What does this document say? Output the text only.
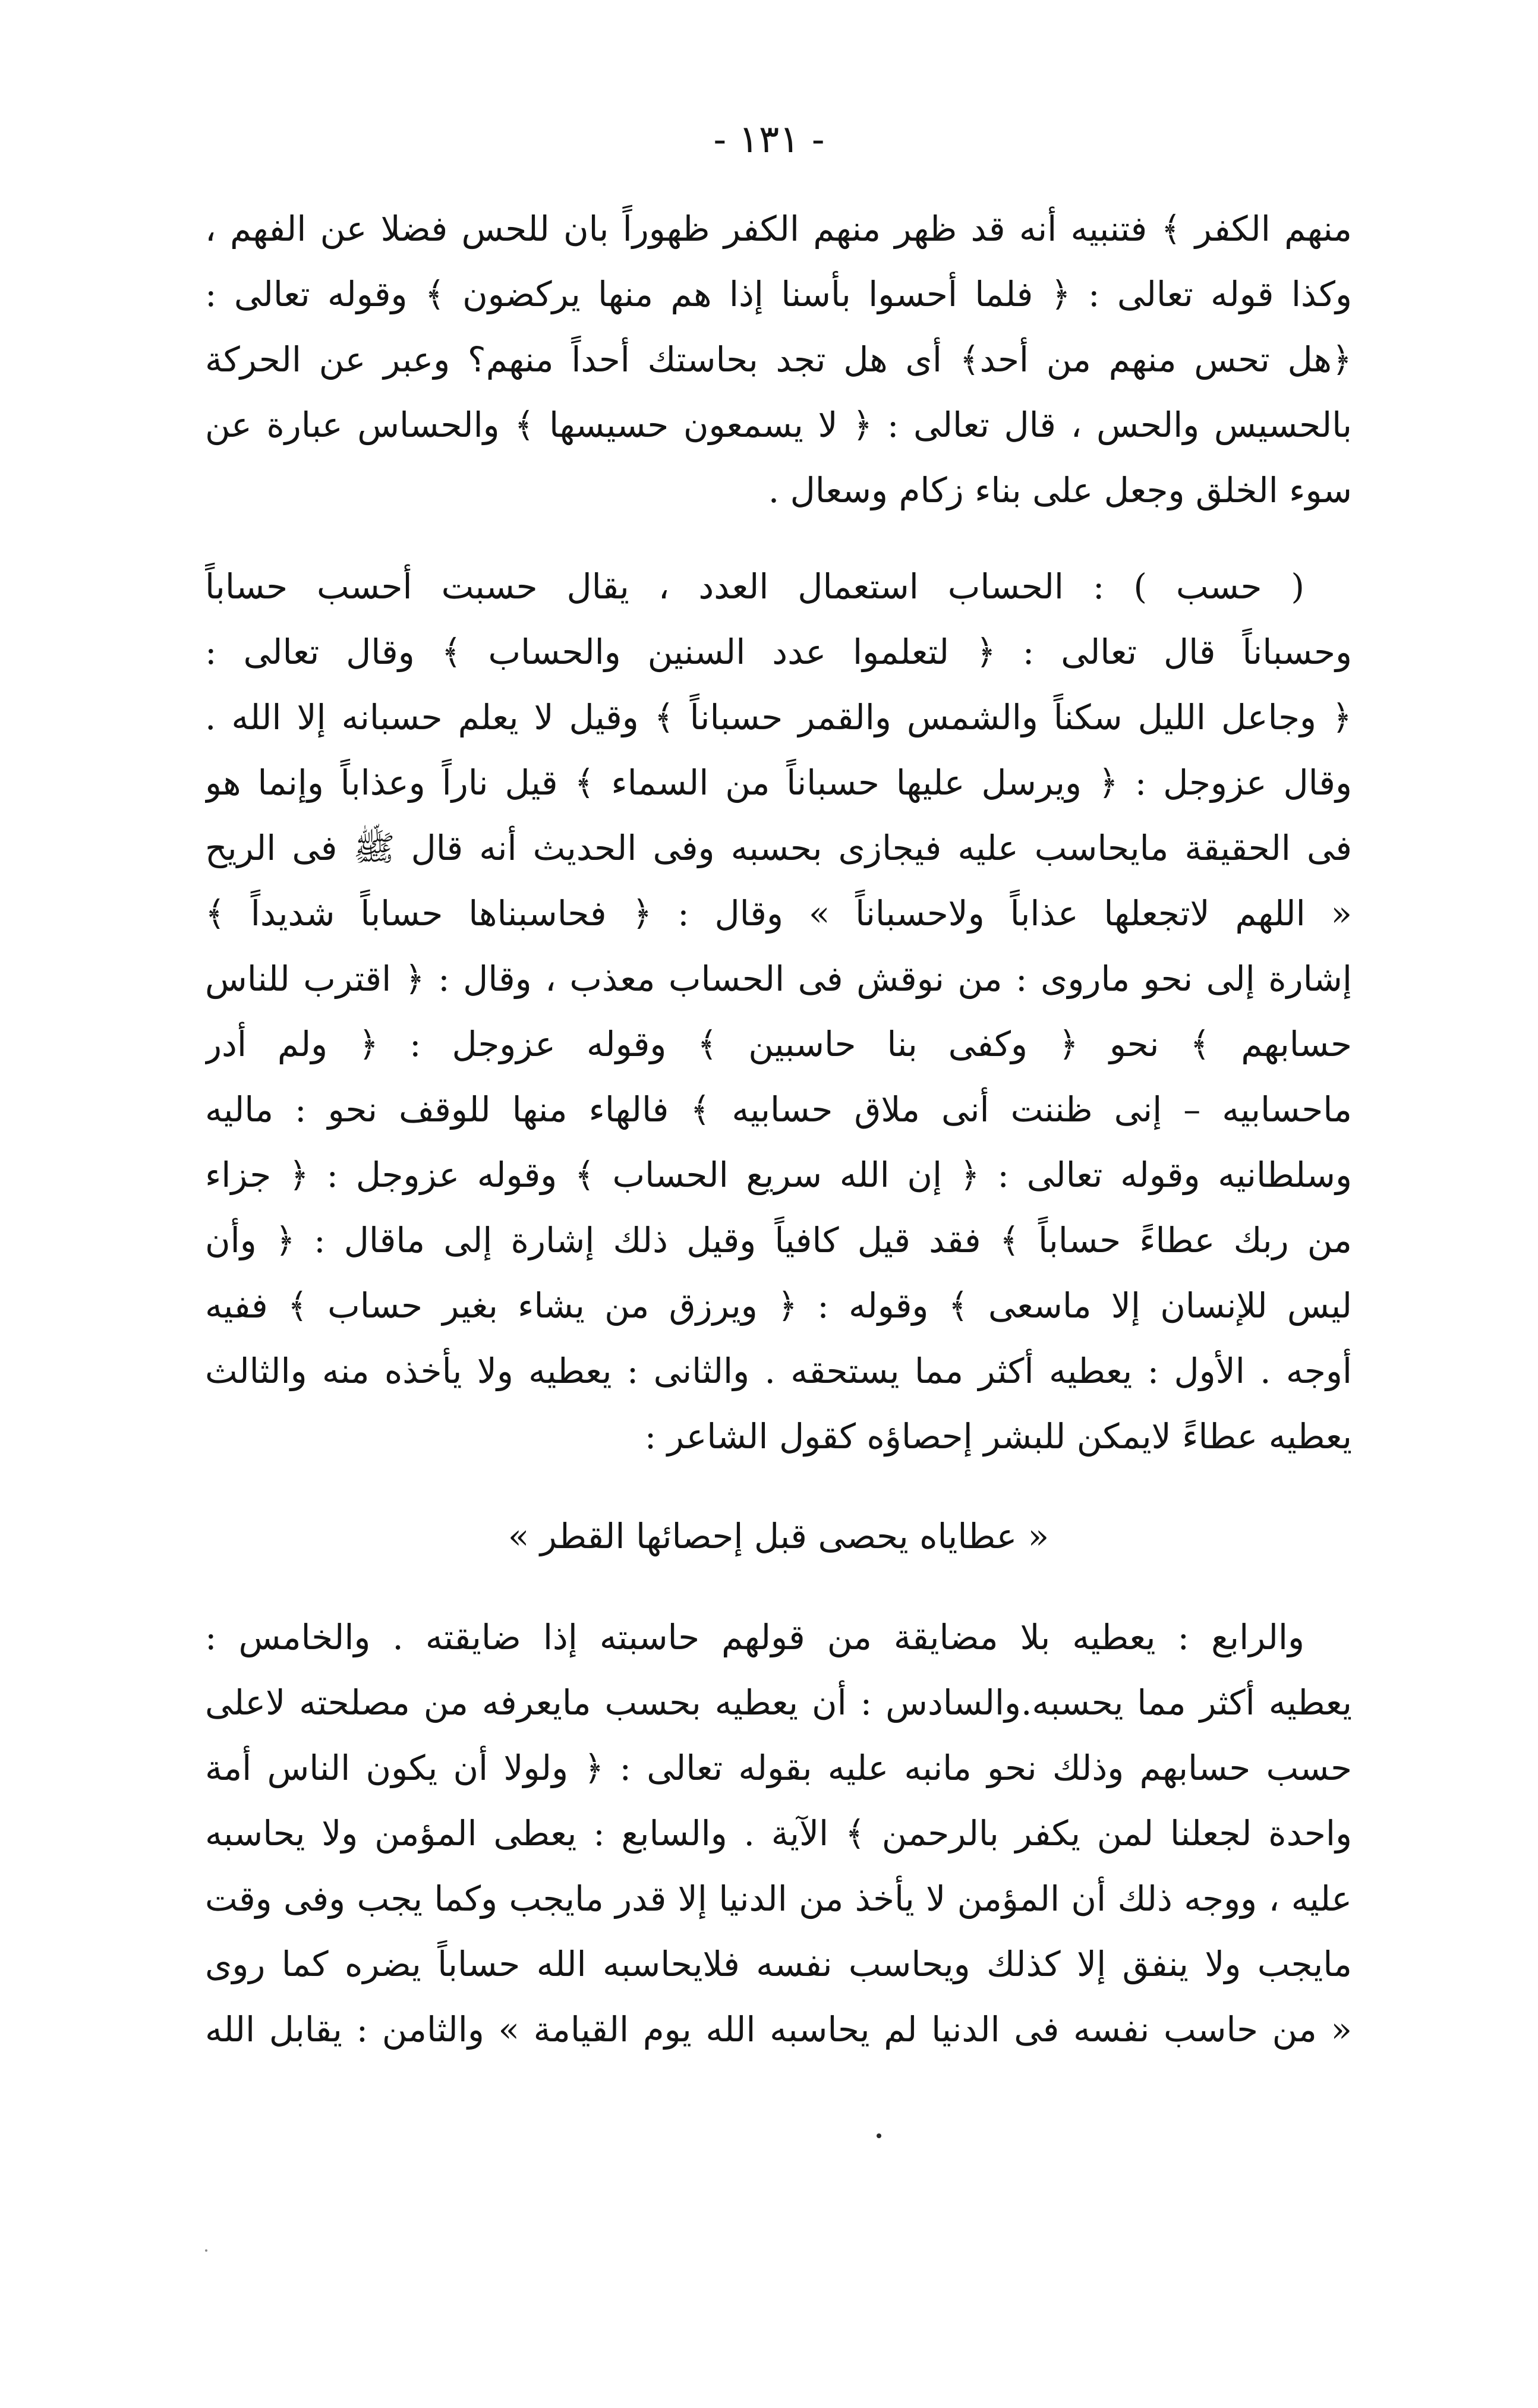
- ١٣١ -
منهم الكفر ﴾ فتنبيه أنه قد ظهر منهم الكفر ظهوراً بان للحس فضلا عن الفهم ،
وكذا قوله تعالى : ﴿ فلما أحسوا بأسنا إذا هم منها يركضون ﴾ وقوله تعالى :
﴿هل تحس منهم من أحد﴾ أى هل تجد بحاستك أحداً منهم؟ وعبر عن الحركة
بالحسيس والحس ، قال تعالى : ﴿ لا يسمعون حسيسها ﴾ والحساس عبارة عن
سوء الخلق وجعل على بناء زكام وسعال .
( حسب ) : الحساب استعمال العدد ، يقال حسبت أحسب حساباً
وحسباناً قال تعالى : ﴿ لتعلموا عدد السنين والحساب ﴾ وقال تعالى :
﴿ وجاعل الليل سكناً والشمس والقمر حسباناً ﴾ وقيل لا يعلم حسبانه إلا الله .
وقال عزوجل : ﴿ ويرسل عليها حسباناً من السماء ﴾ قيل ناراً وعذاباً وإنما هو
فى الحقيقة مايحاسب عليه فيجازى بحسبه وفى الحديث أنه قال ﷺ فى الريح
« اللهم لاتجعلها عذاباً ولاحسباناً » وقال : ﴿ فحاسبناها حساباً شديداً ﴾
إشارة إلى نحو ماروى : من نوقش فى الحساب معذب ، وقال : ﴿ اقترب للناس
حسابهم ﴾ نحو ﴿ وكفى بنا حاسبين ﴾ وقوله عزوجل : ﴿ ولم أدر
ماحسابيه – إنى ظننت أنى ملاق حسابيه ﴾ فالهاء منها للوقف نحو : ماليه
وسلطانيه وقوله تعالى : ﴿ إن الله سريع الحساب ﴾ وقوله عزوجل : ﴿ جزاء
من ربك عطاءً حساباً ﴾ فقد قيل كافياً وقيل ذلك إشارة إلى ماقال : ﴿ وأن
ليس للإنسان إلا ماسعى ﴾ وقوله : ﴿ ويرزق من يشاء بغير حساب ﴾ ففيه
أوجه . الأول : يعطيه أكثر مما يستحقه . والثانى : يعطيه ولا يأخذه منه والثالث
يعطيه عطاءً لايمكن للبشر إحصاؤه كقول الشاعر :
« عطاياه يحصى قبل إحصائها القطر »
والرابع : يعطيه بلا مضايقة من قولهم حاسبته إذا ضايقته . والخامس :
يعطيه أكثر مما يحسبه.والسادس : أن يعطيه بحسب مايعرفه من مصلحته لاعلى
حسب حسابهم وذلك نحو مانبه عليه بقوله تعالى : ﴿ ولولا أن يكون الناس أمة
واحدة لجعلنا لمن يكفر بالرحمن ﴾ الآية . والسابع : يعطى المؤمن ولا يحاسبه
عليه ، ووجه ذلك أن المؤمن لا يأخذ من الدنيا إلا قدر مايجب وكما يجب وفى وقت
مايجب ولا ينفق إلا كذلك ويحاسب نفسه فلايحاسبه الله حساباً يضره كما روى
« من حاسب نفسه فى الدنيا لم يحاسبه الله يوم القيامة » والثامن : يقابل الله
